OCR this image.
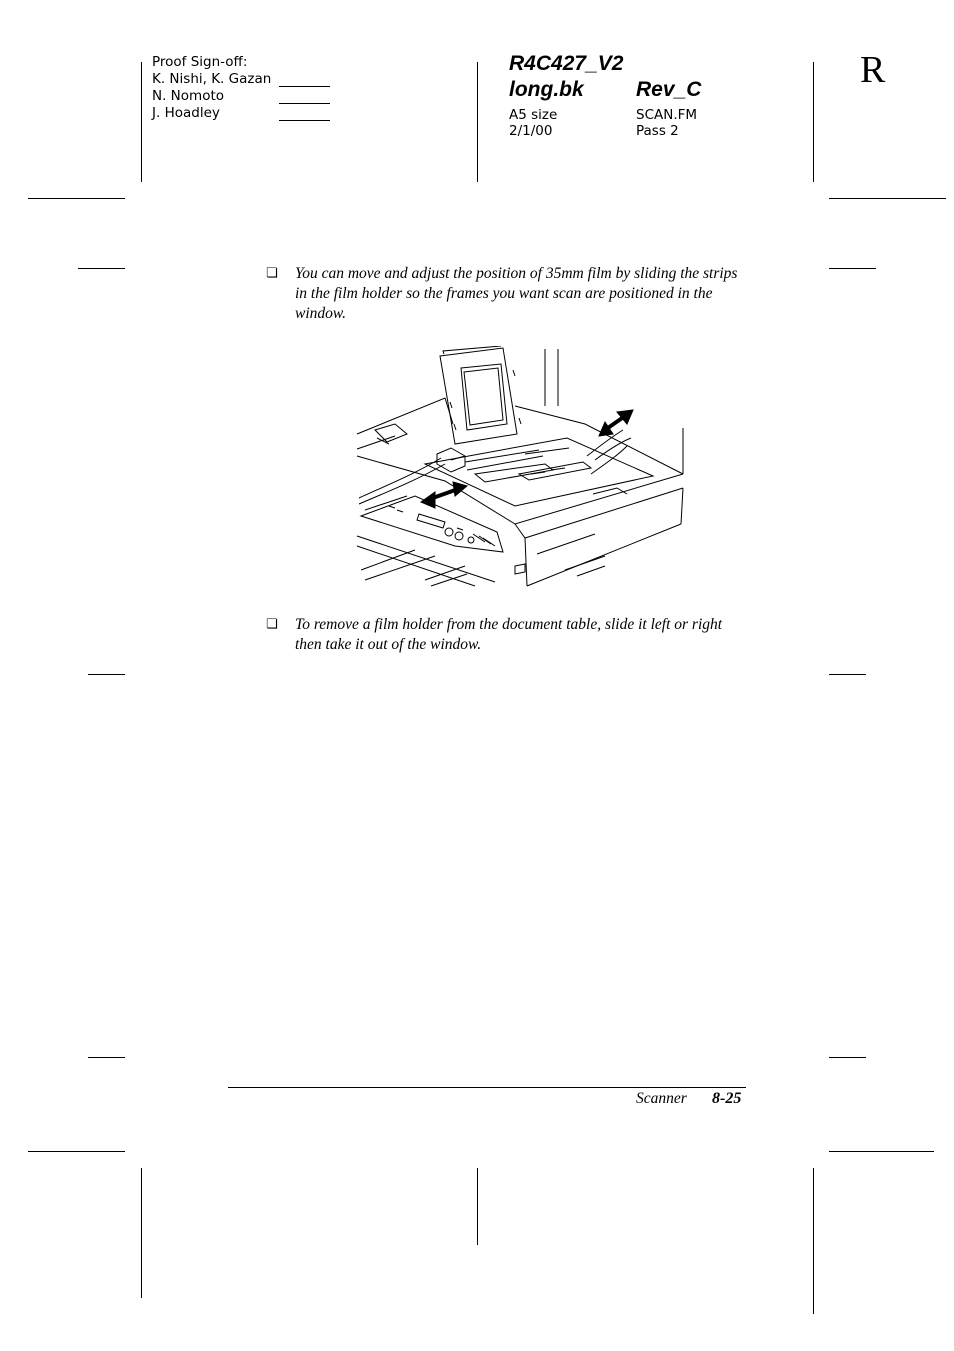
Proof Sign-off:
K. Nishi, K. Gazan
N. Nomoto
J. Hoadley
R4C427_V2
long.bk Rev_C
A5 size
2/1/00
SCAN.FM
Pass 2
R
❏ You can move and adjust the position of 35mm film by sliding the strips in the film holder so the frames you want scan are positioned in the window.
❏ To remove a film holder from the document table, slide it left or right then take it out of the window.
Scanner 8-25
